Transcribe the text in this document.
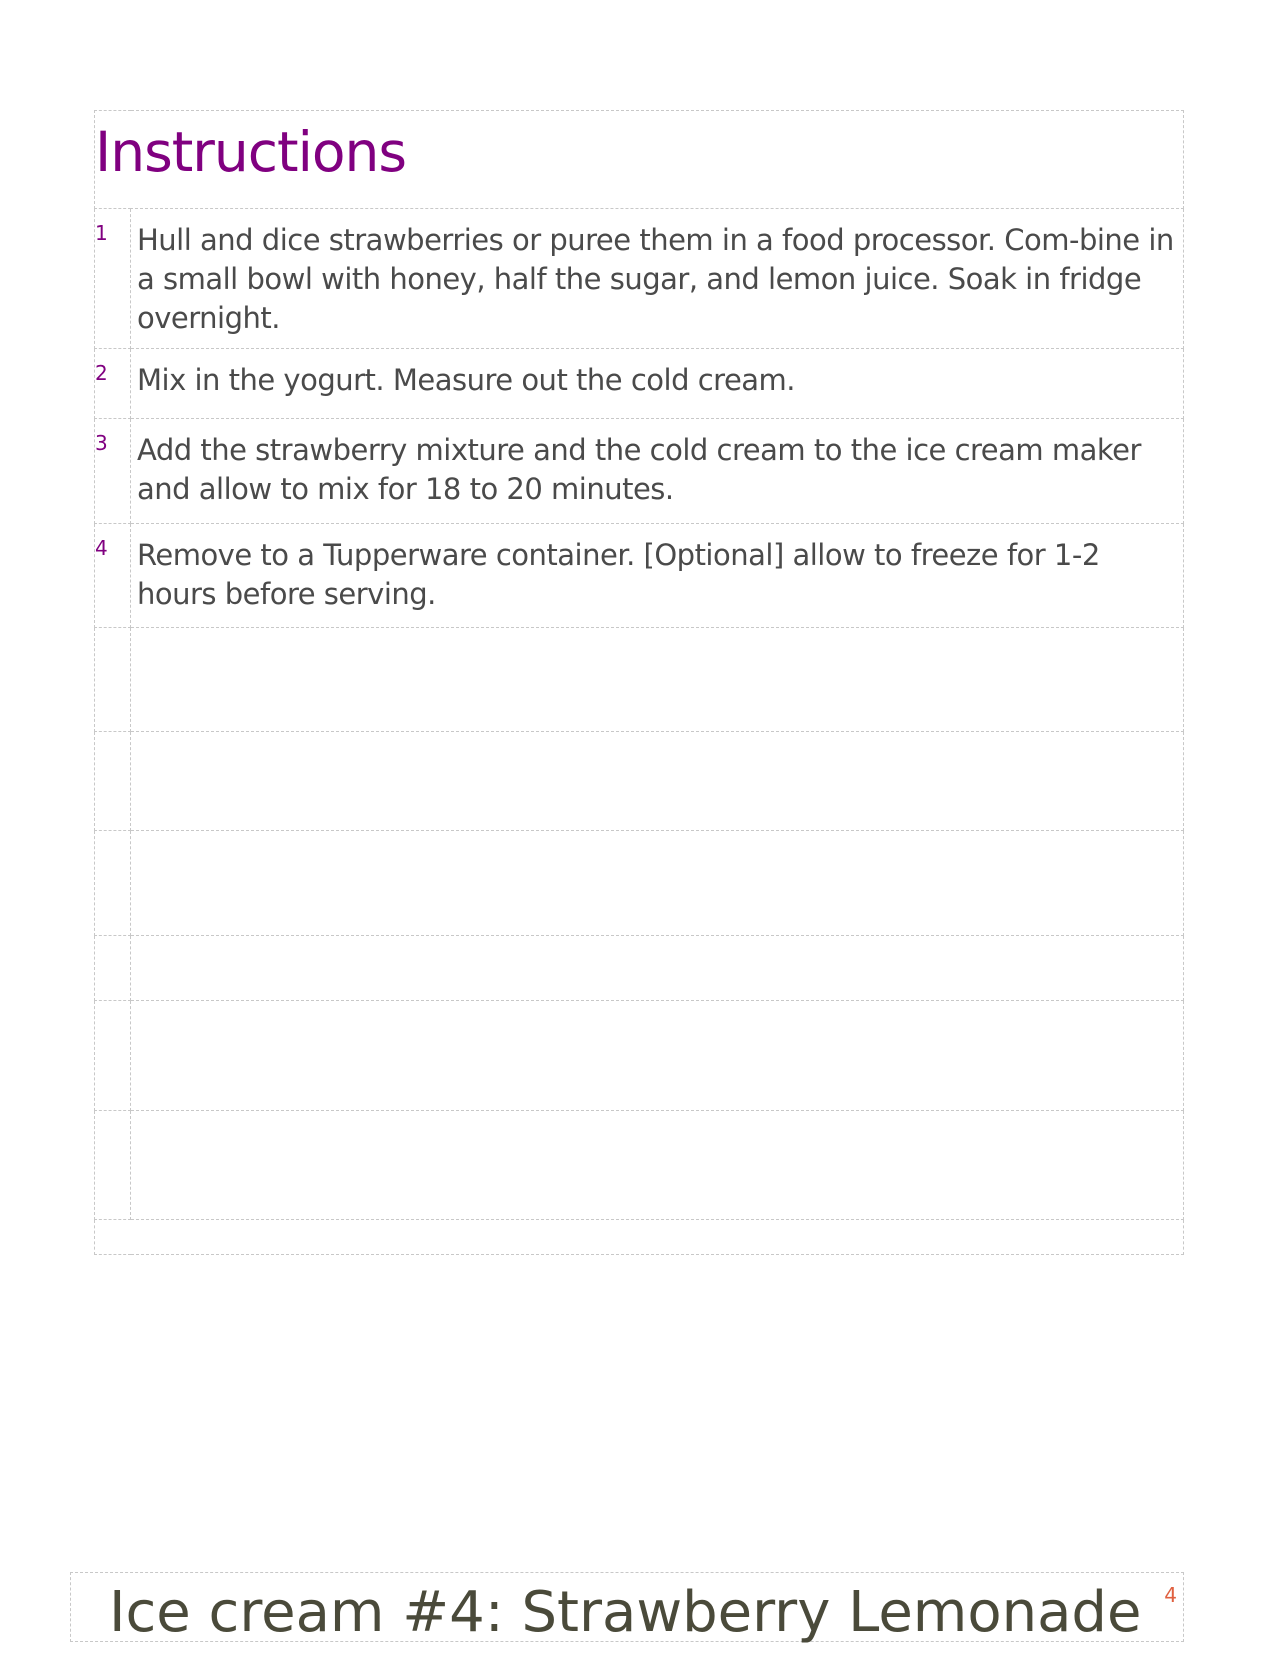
Instructions	

1	Hull and dice strawberries or puree them in a food processor. Com-bine in a small bowl with honey, half the sugar, and lemon juice. Soak in fridge overnight.

2	Mix in the yogurt. Measure out the cold cream.

3	Add the strawberry mixture and the cold cream to the ice cream maker and allow to mix for 18 to 20 minutes.

4	Remove to a Tupperware container. [Optional] allow to freeze for 1-2 hours before serving.

Ice cream #4: Strawberry Lemonade 4
